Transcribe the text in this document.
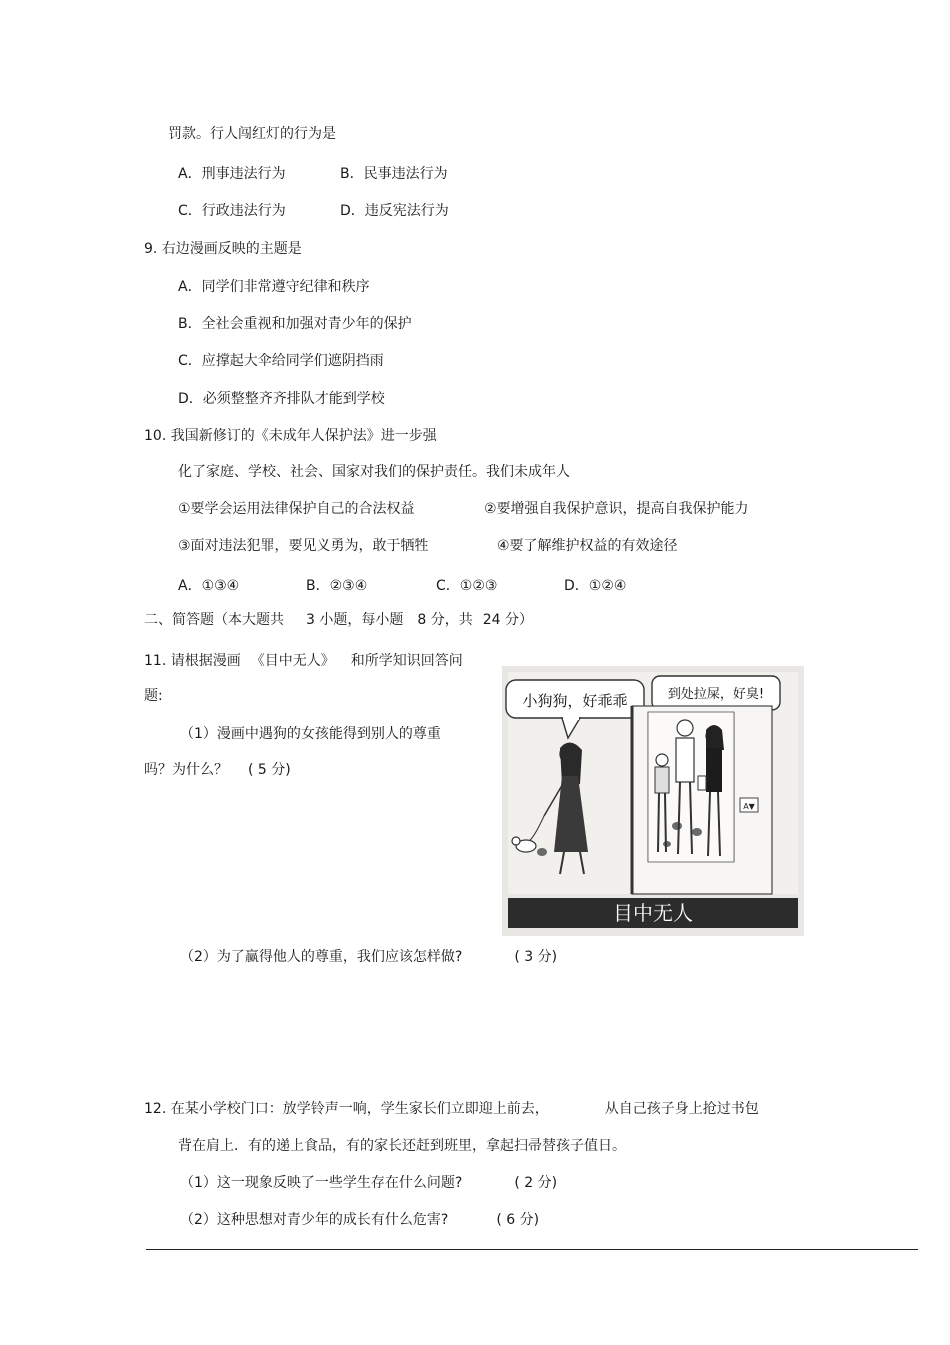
罚款。行人闯红灯的行为是
A．刑事违法行为	B．民事违法行为
C．行政违法行为	D．违反宪法行为
9. 右边漫画反映的主题是
A．同学们非常遵守纪律和秩序
B．全社会重视和加强对青少年的保护
C．应撑起大伞给同学们遮阴挡雨
D．必须整整齐齐排队才能到学校
10. 我国新修订的《未成年人保护法》进一步强
化了家庭、学校、社会、国家对我们的保护责任。我们未成年人
①要学会运用法律保护自己的合法权益	②要增强自我保护意识，提高自我保护能力
③面对违法犯罪，要见义勇为，敢于牺牲	④要了解维护权益的有效途径
A．①③④	B．②③④	C．①②③	D．①②④
二、简答题（本大题共 3 小题，每小题 8 分，共 24 分）
11. 请根据漫画 《目中无人》 和所学知识回答问
题:
（1）漫画中遇狗的女孩能得到别人的尊重
吗？为什么？ ( 5 分)
（2）为了赢得他人的尊重，我们应该怎样做?	( 3 分)
小狗狗，好乖乖	到处拉屎，好臭!
A▼
目中无人
12. 在某小学校门口：放学铃声一响，学生家长们立即迎上前去，	从自己孩子身上抢过书包
背在肩上．有的递上食品，有的家长还赶到班里，拿起扫帚替孩子值日。
（1）这一现象反映了一些学生存在什么问题?	( 2 分)
（2）这种思想对青少年的成长有什么危害?	( 6 分)
